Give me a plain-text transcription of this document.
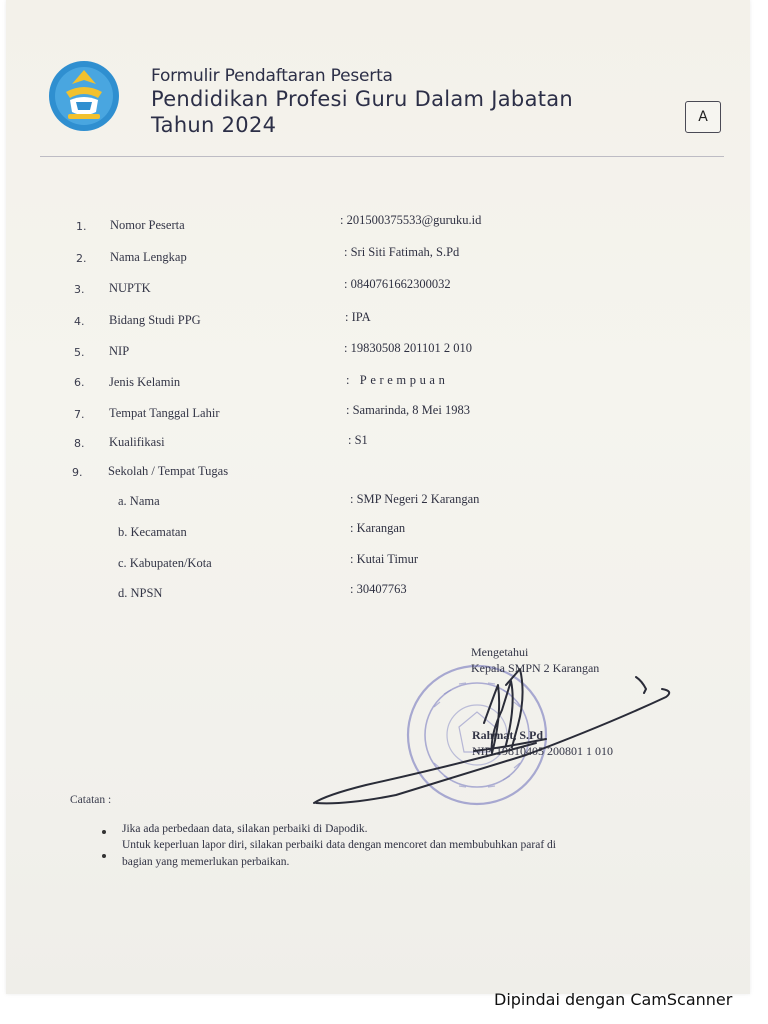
Formulir Pendaftaran Peserta
Pendidikan Profesi Guru Dalam Jabatan
Tahun 2024	A
1. Nomor Peserta	: 201500375533@guruku.id
2. Nama Lengkap	: Sri Siti Fatimah, S.Pd
3. NUPTK	: 0840761662300032
4. Bidang Studi PPG	: IPA
5. NIP	: 19830508 201101 2 010
6. Jenis Kelamin	: Perempuan
7. Tempat Tanggal Lahir	: Samarinda, 8 Mei 1983
8. Kualifikasi	: S1
9. Sekolah / Tempat Tugas
a. Nama	: SMP Negeri 2 Karangan
b. Kecamatan	: Karangan
c. Kabupaten/Kota	: Kutai Timur
d. NPSN	: 30407763
Mengetahui
Kepala SMPN 2 Karangan
Rahmat, S.Pd
NIP. 19810405 200801 1 010
Catatan :
Jika ada perbedaan data, silakan perbaiki di Dapodik.
Untuk keperluan lapor diri, silakan perbaiki data dengan mencoret dan membubuhkan paraf di
bagian yang memerlukan perbaikan.
Dipindai dengan CamScanner
